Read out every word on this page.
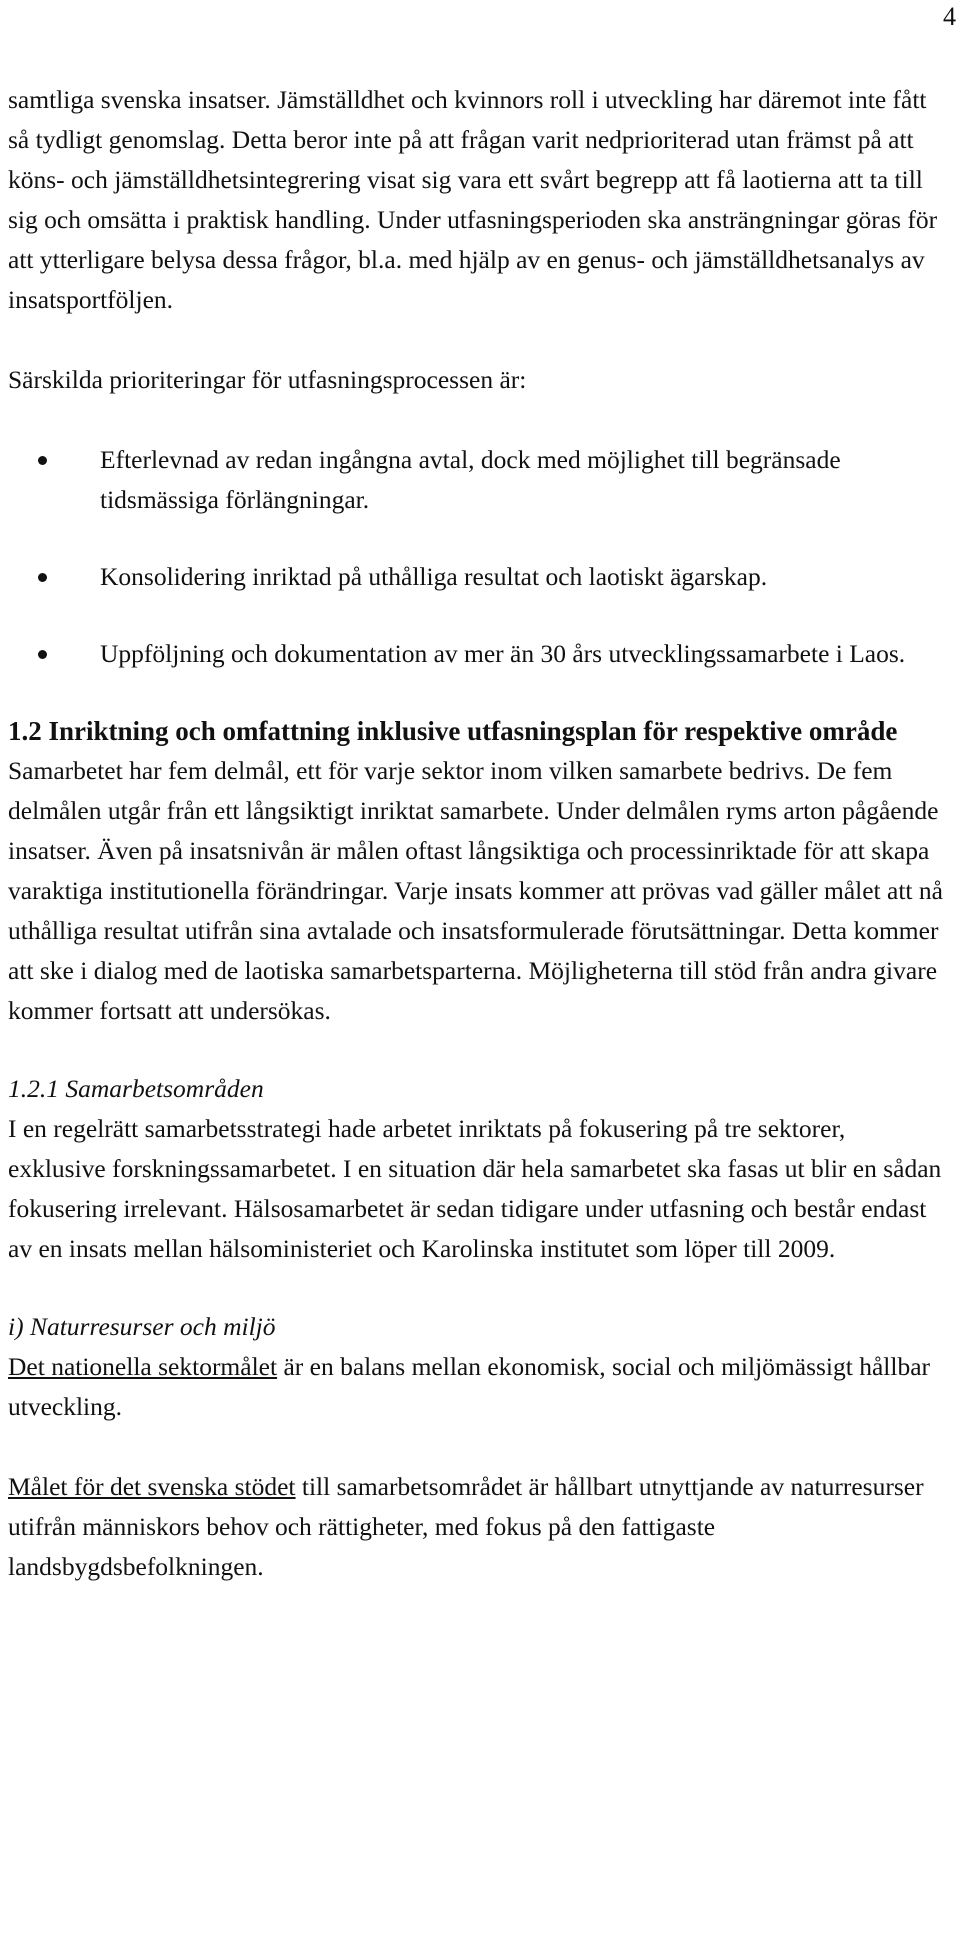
4

samtliga svenska insatser. Jämställdhet och kvinnors roll i utveckling har däremot inte fått så tydligt genomslag. Detta beror inte på att frågan varit nedprioriterad utan främst på att köns- och jämställdhetsintegrering visat sig vara ett svårt begrepp att få laotierna att ta till sig och omsätta i praktisk handling. Under utfasningsperioden ska ansträngningar göras för att ytterligare belysa dessa frågor, bl.a. med hjälp av en genus- och jämställdhetsanalys av insatsportföljen.

Särskilda prioriteringar för utfasningsprocessen är:

Efterlevnad av redan ingångna avtal, dock med möjlighet till begränsade tidsmässiga förlängningar.
Konsolidering inriktad på uthålliga resultat och laotiskt ägarskap.
Uppföljning och dokumentation av mer än 30 års utvecklingssamarbete i Laos.
1.2 Inriktning och omfattning inklusive utfasningsplan för respektive område

Samarbetet har fem delmål, ett för varje sektor inom vilken samarbete bedrivs. De fem delmålen utgår från ett långsiktigt inriktat samarbete. Under delmålen ryms arton pågående insatser. Även på insatsnivån är målen oftast långsiktiga och processinriktade för att skapa varaktiga institutionella förändringar. Varje insats kommer att prövas vad gäller målet att nå uthålliga resultat utifrån sina avtalade och insatsformulerade förutsättningar. Detta kommer att ske i dialog med de laotiska samarbetsparterna. Möjligheterna till stöd från andra givare kommer fortsatt att undersökas.

1.2.1 Samarbetsområden

I en regelrätt samarbetsstrategi hade arbetet inriktats på fokusering på tre sektorer, exklusive forskningssamarbetet. I en situation där hela samarbetet ska fasas ut blir en sådan fokusering irrelevant. Hälsosamarbetet är sedan tidigare under utfasning och består endast av en insats mellan hälsoministeriet och Karolinska institutet som löper till 2009.

i) Naturresurser och miljö

Det nationella sektormålet är en balans mellan ekonomisk, social och miljömässigt hållbar utveckling.

Målet för det svenska stödet till samarbetsområdet är hållbart utnyttjande av naturresurser utifrån människors behov och rättigheter, med fokus på den fattigaste landsbygdsbefolkningen.
